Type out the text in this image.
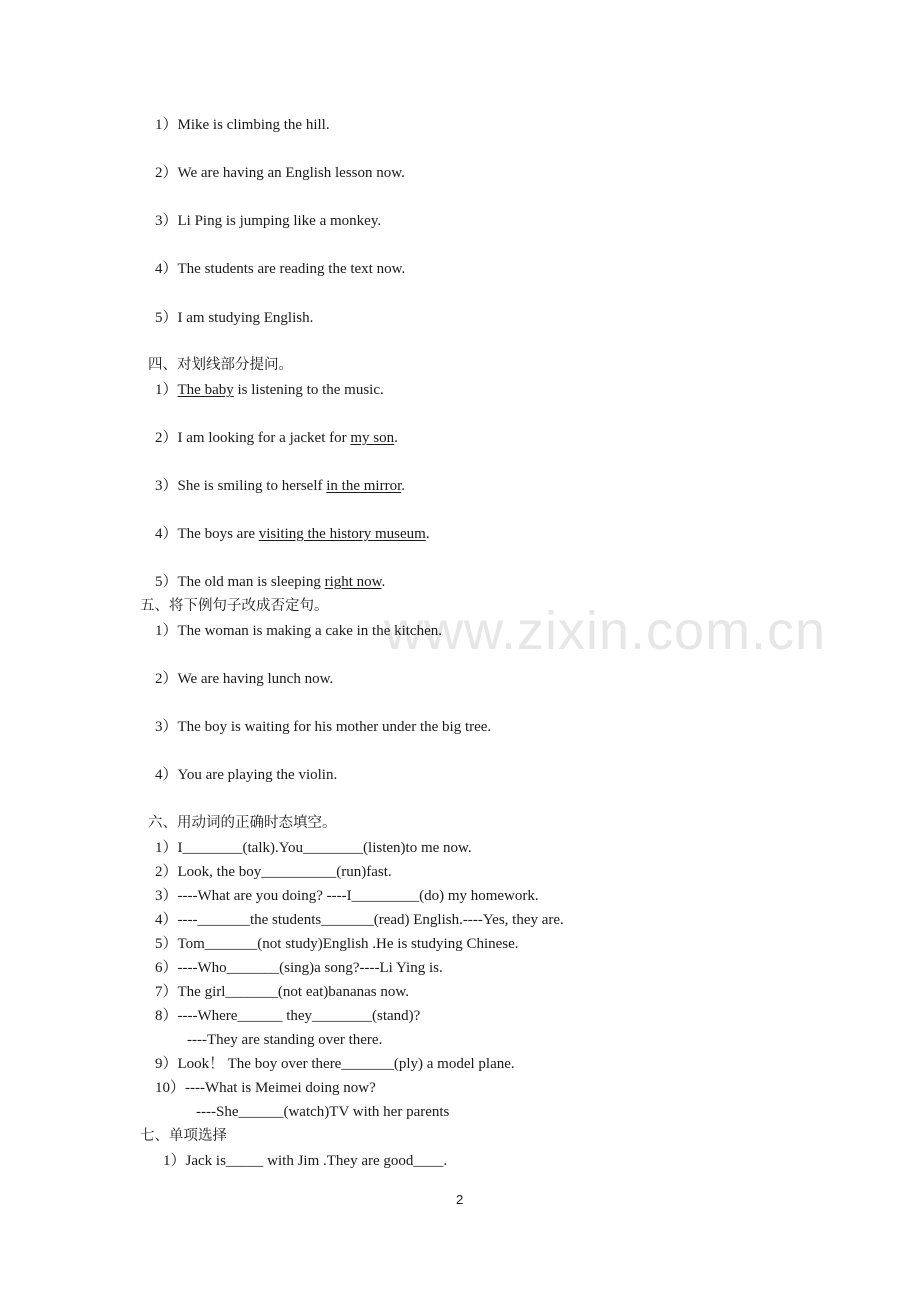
www.zixin.com.cn
1）Mike is climbing the hill.
2）We are having an English lesson now.
3）Li Ping is jumping like a monkey.
4）The students are reading the text now.
5）I am studying English.
四、对划线部分提问。
1）The baby is listening to the music.
2）I am looking for a jacket for my son.
3）She is smiling to herself in the mirror.
4）The boys are visiting the history museum.
5）The old man is sleeping right now.
五、将下例句子改成否定句。
1）The woman is making a cake in the kitchen.
2）We are having lunch now.
3）The boy is waiting for his mother under the big tree.
4）You are playing the violin.
六、用动词的正确时态填空。
1）I________(talk).You________(listen)to me now.
2）Look, the boy__________(run)fast.
3）----What are you doing? ----I_________(do) my homework.
4）----_______the students_______(read) English.----Yes, they are.
5）Tom_______(not study)English .He is studying Chinese.
6）----Who_______(sing)a song?----Li Ying is.
7）The girl_______(not eat)bananas now.
8）----Where______ they________(stand)?
----They are standing over there.
9）Look！ The boy over there_______(ply) a model plane.
10）----What is Meimei doing now?
----She______(watch)TV with her parents
七、单项选择
1）Jack is_____ with Jim .They are good____.
2
